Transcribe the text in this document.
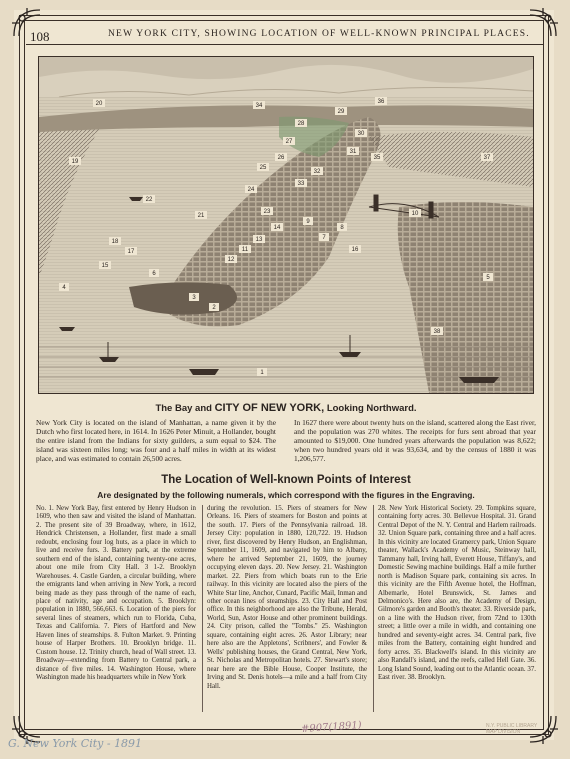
108	NEW YORK CITY, SHOWING LOCATION OF WELL-KNOWN PRINCIPAL PLACES.
1
2
3
4
5
6
7
8
9
10
11
12
13
14
15
16
17
18
19
20
21
22
23
24
25
26
27
28
29
30
31
32
33
34
35
36
37
38
The Bay and CITY OF NEW YORK, Looking Northward.
New York City is located on the island of Manhattan, a name given it by the Dutch who first located here, in 1614. In 1626 Peter Minuit, a Hollander, bought the entire island from the Indians for sixty guilders, a sum equal to $24. The island was sixteen miles long; was four and a half miles in width at its widest place, and was estimated to contain 26,500 acres.
In 1627 there were about twenty huts on the island, scattered along the East river, and the population was 270 whites. The receipts for furs sent abroad that year amounted to $19,000. One hundred years afterwards the population was 8,622; when two hundred years old it was 93,634, and by the census of 1880 it was 1,206,577.
The Location of Well-known Points of Interest
Are designated by the following numerals, which correspond with the figures in the Engraving.
No. 1. New York Bay, first entered by Henry Hudson in 1609, who then saw and visited the island of Manhattan. 2. The present site of 39 Broadway, where, in 1612, Hendrick Christensen, a Hollander, first made a small redoubt, enclosing four log huts, as a place in which to live and receive furs. 3. Battery park, at the extreme southern end of the island, containing twenty-one acres, about one mile from City Hall. 3 1-2. Brooklyn Warehouses. 4. Castle Garden, a circular building, where the emigrants land when arriving in New York, a record being made as they pass through of the name of each, place of nativity, age and occupation. 5. Brooklyn: population in 1880, 566,663. 6. Location of the piers for several lines of steamers, which run to Florida, Cuba, Texas and California. 7. Piers of Hartford and New Haven lines of steamships. 8. Fulton Market. 9. Printing house of Harper Brothers. 10. Brooklyn bridge. 11. Custom house. 12. Trinity church, head of Wall street. 13. Broadway—extending from Battery to Central park, a distance of five miles. 14. Washington House, where Washington made his headquarters while in New York
during the revolution. 15. Piers of steamers for New Orleans. 16. Piers of steamers for Boston and points at the south. 17. Piers of the Pennsylvania railroad. 18. Jersey City: population in 1880, 120,722. 19. Hudson river, first discovered by Henry Hudson, an Englishman, September 11, 1609, and navigated by him to Albany, where he arrived September 21, 1609, the journey occupying eleven days. 20. New Jersey. 21. Washington market. 22. Piers from which boats run to the Erie railway. In this vicinity are located also the piers of the White Star line, Anchor, Cunard, Pacific Mail, Inman and other ocean lines of steamships. 23. City Hall and Post office. In this neighborhood are also the Tribune, Herald, World, Sun, Astor House and other prominent buildings. 24. City prison, called the ''Tombs.'' 25. Washington square, containing eight acres. 26. Astor Library; near here also are the Appletons', Scribners', and Fowler & Wells' publishing houses, the Grand Central, New York, St. Nicholas and Metropolitan hotels. 27. Stewart's store; near here are the Bible House, Cooper Institute, the Irving and St. Denis hotels—a mile and a half from City Hall.
28. New York Historical Society. 29. Tompkins square, containing forty acres. 30. Bellevue Hospital. 31. Grand Central Depot of the N. Y. Central and Harlem railroads. 32. Union Square park, containing three and a half acres. In this vicinity are located Gramercy park, Union Square theater, Wallack's Academy of Music, Steinway hall, Tammany hall, Irving hall, Everett House, Tiffany's, and Domestic Sewing machine buildings. Half a mile further north is Madison Square park, containing six acres. In this vicinity are the Fifth Avenue hotel, the Hoffman, Albemarle, Hotel Brunswick, St. James and Delmonico's. Here also are, the Academy of Design, Gilmore's garden and Booth's theater. 33. Riverside park, on a line with the Hudson river, from 72nd to 130th street; a little over a mile in width, and containing one hundred and seventy-eight acres. 34. Central park, five miles from the Battery, containing eight hundred and forty acres. 35. Blackwell's island. In this vicinity are also Randall's island, and the reefs, called Hell Gate. 36. Long Island Sound, leading out to the Atlantic ocean. 37. East river. 38. Brooklyn.
#907(1891)	N.Y. PUBLIC LIBRARY MAP DIVISION
G. New York City - 1891
